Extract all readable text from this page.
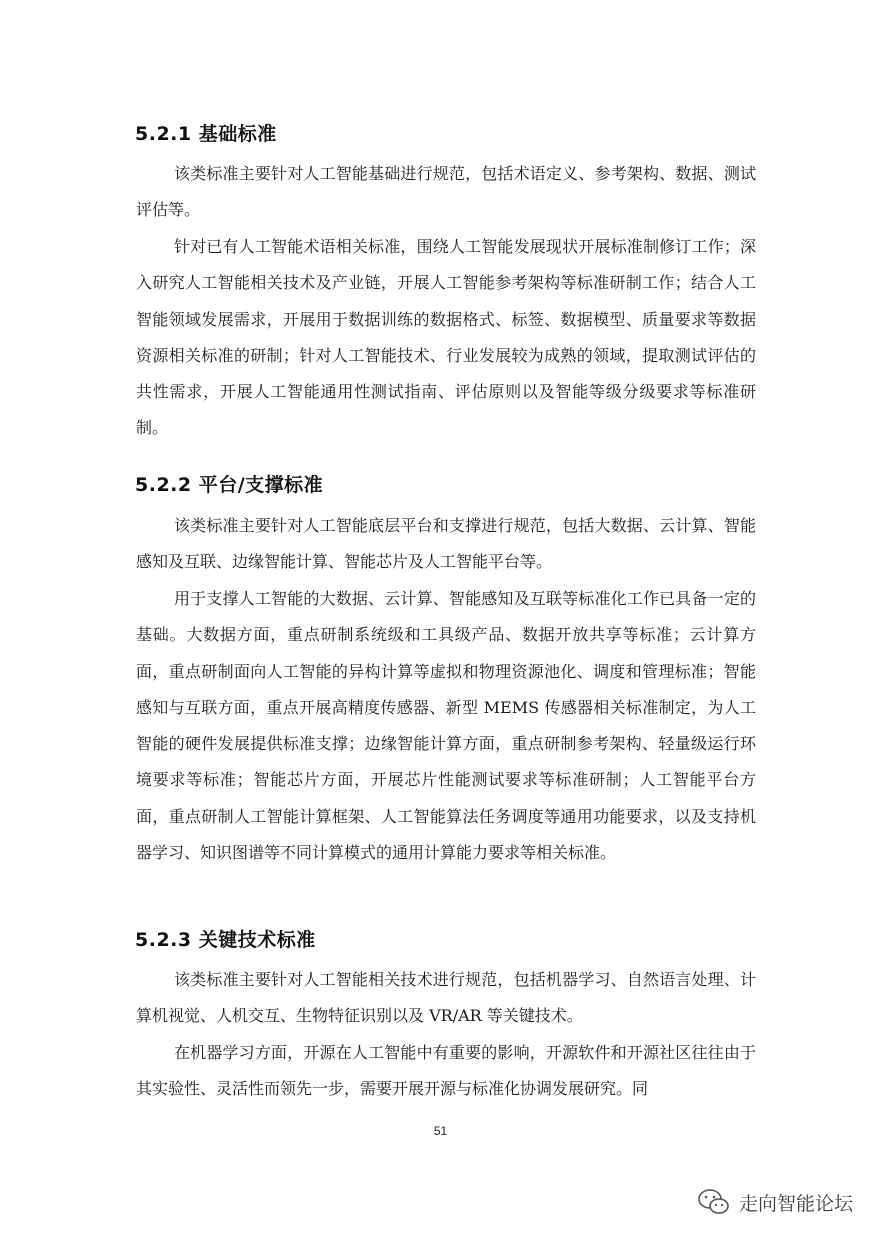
5.2.1 基础标准

该类标准主要针对人工智能基础进行规范，包括术语定义、参考架构、数据、测试评估等。

针对已有人工智能术语相关标准，围绕人工智能发展现状开展标准制修订工作；深入研究人工智能相关技术及产业链，开展人工智能参考架构等标准研制工作；结合人工智能领域发展需求，开展用于数据训练的数据格式、标签、数据模型、质量要求等数据资源相关标准的研制；针对人工智能技术、行业发展较为成熟的领域，提取测试评估的共性需求，开展人工智能通用性测试指南、评估原则以及智能等级分级要求等标准研制。

5.2.2 平台/支撑标准

该类标准主要针对人工智能底层平台和支撑进行规范，包括大数据、云计算、智能感知及互联、边缘智能计算、智能芯片及人工智能平台等。

用于支撑人工智能的大数据、云计算、智能感知及互联等标准化工作已具备一定的基础。大数据方面，重点研制系统级和工具级产品、数据开放共享等标准；云计算方面，重点研制面向人工智能的异构计算等虚拟和物理资源池化、调度和管理标准；智能感知与互联方面，重点开展高精度传感器、新型 MEMS 传感器相关标准制定，为人工智能的硬件发展提供标准支撑；边缘智能计算方面，重点研制参考架构、轻量级运行环境要求等标准；智能芯片方面，开展芯片性能测试要求等标准研制；人工智能平台方面，重点研制人工智能计算框架、人工智能算法任务调度等通用功能要求，以及支持机器学习、知识图谱等不同计算模式的通用计算能力要求等相关标准。

5.2.3 关键技术标准

该类标准主要针对人工智能相关技术进行规范，包括机器学习、自然语言处理、计算机视觉、人机交互、生物特征识别以及 VR/AR 等关键技术。

在机器学习方面，开源在人工智能中有重要的影响，开源软件和开源社区往往由于其实验性、灵活性而领先一步，需要开展开源与标准化协调发展研究。同

51
走向智能论坛
